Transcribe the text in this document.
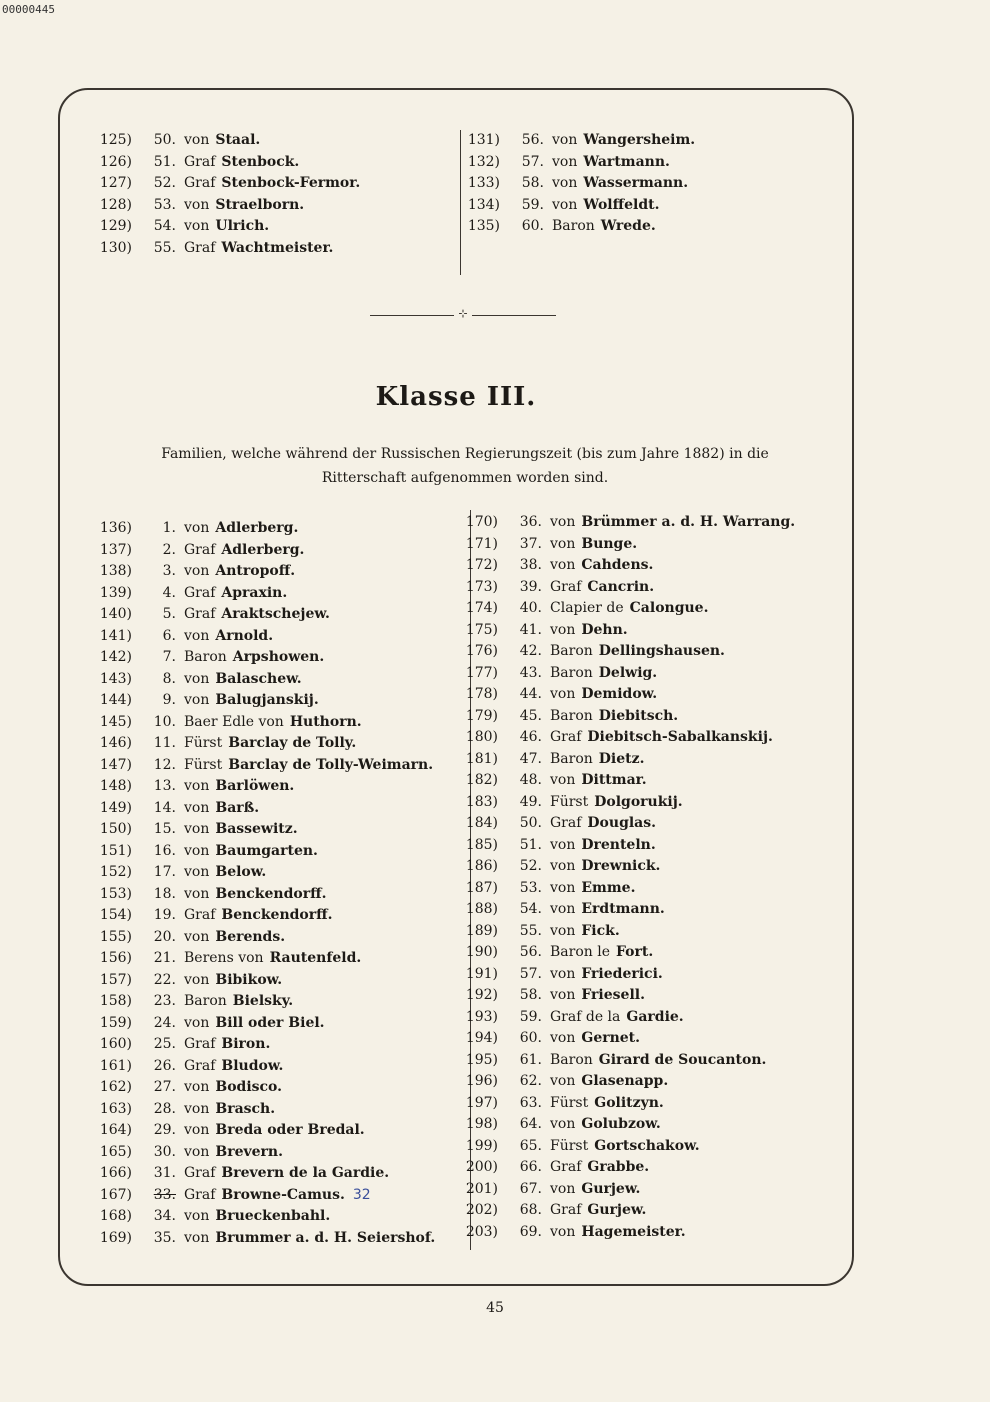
00000445
125)	50. von Staal.
126)	51. Graf Stenbock.
127)	52. Graf Stenbock-Fermor.
128)	53. von Straelborn.
129)	54. von Ulrich.
130)	55. Graf Wachtmeister.
131)	56. von Wangersheim.
132)	57. von Wartmann.
133)	58. von Wassermann.
134)	59. von Wolffeldt.
135)	60. Baron Wrede.
⊹
Klasse III.
Familien, welche während der Russischen Regierungszeit (bis zum Jahre 1882) in die Ritterschaft aufgenommen worden sind.
136)	1. von Adlerberg.
137)	2. Graf Adlerberg.
138)	3. von Antropoff.
139)	4. Graf Apraxin.
140)	5. Graf Araktschejew.
141)	6. von Arnold.
142)	7. Baron Arpshowen.
143)	8. von Balaschew.
144)	9. von Balugjanskij.
145)	10. Baer Edle von Huthorn.
146)	11. Fürst Barclay de Tolly.
147)	12. Fürst Barclay de Tolly-Weimarn.
148)	13. von Barlöwen.
149)	14. von Barß.
150)	15. von Bassewitz.
151)	16. von Baumgarten.
152)	17. von Below.
153)	18. von Benckendorff.
154)	19. Graf Benckendorff.
155)	20. von Berends.
156)	21. Berens von Rautenfeld.
157)	22. von Bibikow.
158)	23. Baron Bielsky.
159)	24. von Bill oder Biel.
160)	25. Graf Biron.
161)	26. Graf Bludow.
162)	27. von Bodisco.
163)	28. von Brasch.
164)	29. von Breda oder Bredal.
165)	30. von Brevern.
166)	31. Graf Brevern de la Gardie.
167)	33. Graf Browne-Camus. 32
168)	34. von Brueckenbahl.
169)	35. von Brummer a. d. H. Seiershof.
170)	36. von Brümmer a. d. H. Warrang.
171)	37. von Bunge.
172)	38. von Cahdens.
173)	39. Graf Cancrin.
174)	40. Clapier de Calongue.
175)	41. von Dehn.
176)	42. Baron Dellingshausen.
177)	43. Baron Delwig.
178)	44. von Demidow.
179)	45. Baron Diebitsch.
180)	46. Graf Diebitsch-Sabalkanskij.
181)	47. Baron Dietz.
182)	48. von Dittmar.
183)	49. Fürst Dolgorukij.
184)	50. Graf Douglas.
185)	51. von Drenteln.
186)	52. von Drewnick.
187)	53. von Emme.
188)	54. von Erdtmann.
189)	55. von Fick.
190)	56. Baron le Fort.
191)	57. von Friederici.
192)	58. von Friesell.
193)	59. Graf de la Gardie.
194)	60. von Gernet.
195)	61. Baron Girard de Soucanton.
196)	62. von Glasenapp.
197)	63. Fürst Golitzyn.
198)	64. von Golubzow.
199)	65. Fürst Gortschakow.
200)	66. Graf Grabbe.
201)	67. von Gurjew.
202)	68. Graf Gurjew.
203)	69. von Hagemeister.
45
